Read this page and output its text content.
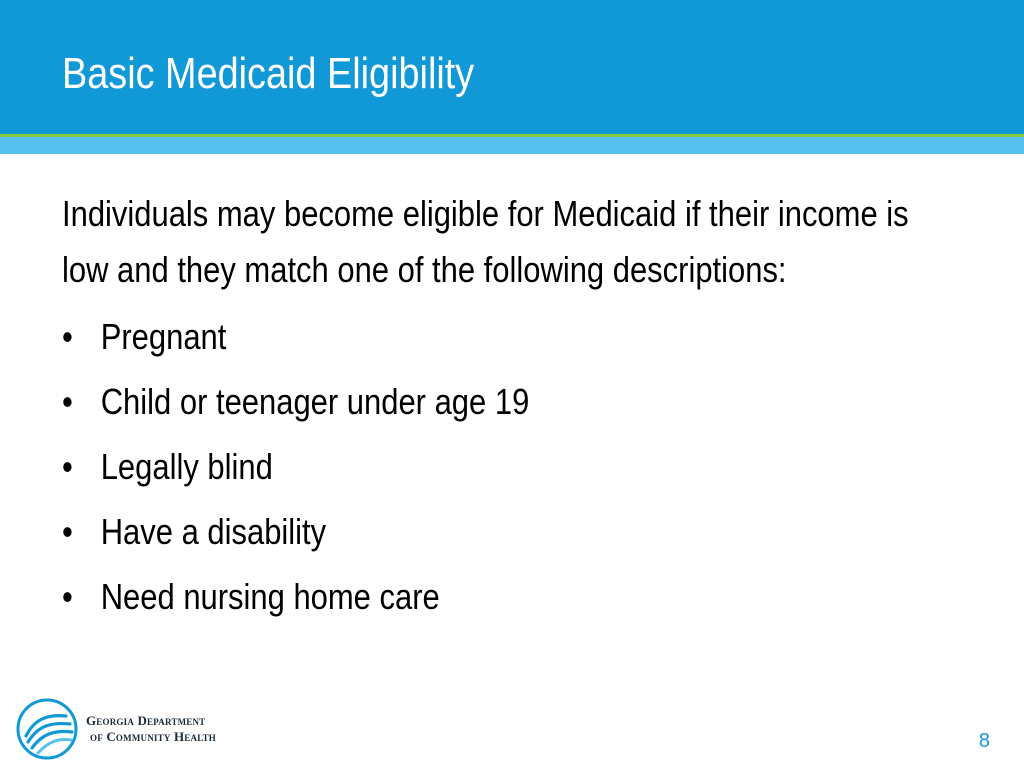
Basic Medicaid Eligibility

Individuals may become eligible for Medicaid if their income is low and they match one of the following descriptions:

• Pregnant
• Child or teenager under age 19
• Legally blind
• Have a disability
• Need nursing home care
Georgia Department
of Community Health	8
